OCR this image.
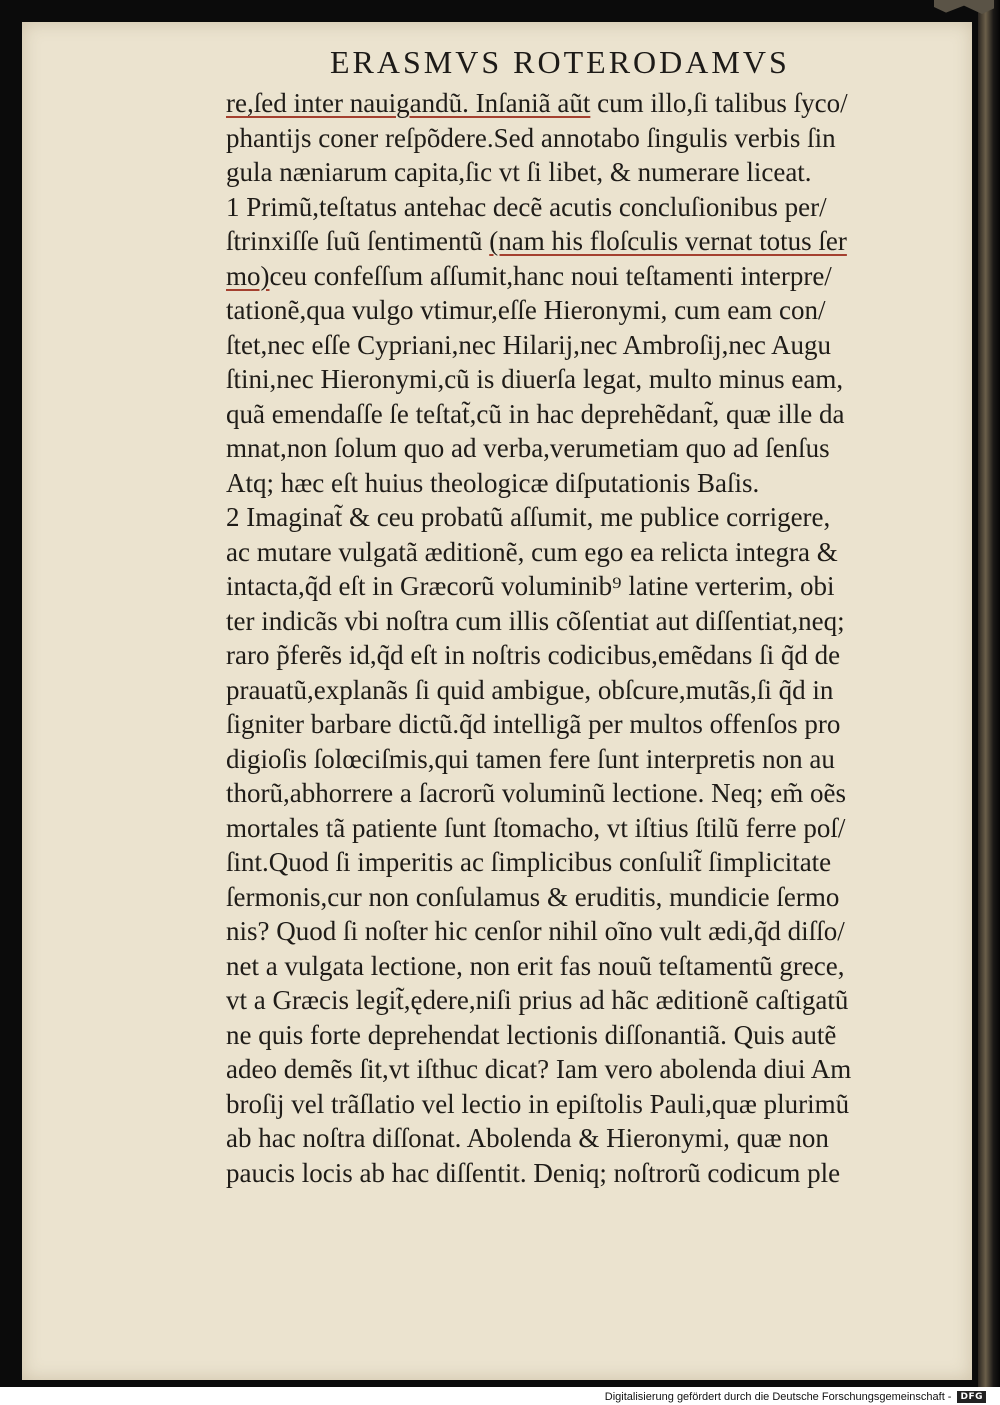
ERASMVS ROTERODAMVS
re,ſed inter nauigandũ. Inſaniã aũt cum illo,ſi talibus ſyco/
phantijs coner reſpõdere.Sed annotabo ſingulis verbis ſin
gula næniarum capita,ſic vt ſi libet, & numerare liceat.
1 Primũ,teſtatus antehac decẽ acutis concluſionibus per/
ſtrinxiſſe ſuũ ſentimentũ (nam his floſculis vernat totus ſer
mo)ceu confeſſum aſſumit,hanc noui teſtamenti interpre/
tationẽ,qua vulgo vtimur,eſſe Hieronymi, cum eam con/
ſtet,nec eſſe Cypriani,nec Hilarij,nec Ambroſij,nec Augu
ſtini,nec Hieronymi,cũ is diuerſa legat, multo minus eam,
quã emendaſſe ſe teſtat̃,cũ in hac deprehẽdant̃, quæ ille da
mnat,non ſolum quo ad verba,verumetiam quo ad ſenſus
Atq; hæc eſt huius theologicæ diſputationis Baſis.
2 Imaginat̃ & ceu probatũ aſſumit, me publice corrigere,
ac mutare vulgatã æditionẽ, cum ego ea relicta integra &
intacta,q̃d eſt in Græcorũ voluminib⁹ latine verterim, obi
ter indicãs vbi noſtra cum illis cõſentiat aut diſſentiat,neq;
raro p̃ferẽs id,q̃d eſt in noſtris codicibus,emẽdans ſi q̃d de
prauatũ,explanãs ſi quid ambigue, obſcure,mutãs,ſi q̃d in
ſigniter barbare dictũ.q̃d intelligã per multos offenſos pro
digioſis ſolœciſmis,qui tamen fere ſunt interpretis non au
thorũ,abhorrere a ſacrorũ voluminũ lectione. Neq; em̃ oẽs
mortales tã patiente ſunt ſtomacho, vt iſtius ſtilũ ferre poſ/
ſint.Quod ſi imperitis ac ſimplicibus conſulit̃ ſimplicitate
ſermonis,cur non conſulamus & eruditis, mundicie ſermo
nis? Quod ſi noſter hic cenſor nihil oĩno vult ædi,q̃d diſſo/
net a vulgata lectione, non erit fas nouũ teſtamentũ grece,
vt a Græcis legit̃,ędere,niſi prius ad hãc æditionẽ caſtigatũ
ne quis forte deprehendat lectionis diſſonantiã. Quis autẽ
adeo demẽs ſit,vt iſthuc dicat? Iam vero abolenda diui Am
broſij vel trãſlatio vel lectio in epiſtolis Pauli,quæ plurimũ
ab hac noſtra diſſonat. Abolenda & Hieronymi, quæ non
paucis locis ab hac diſſentit. Deniq; noſtrorũ codicum ple
Digitalisierung gefördert durch die Deutsche Forschungsgemeinschaft -	DFG
